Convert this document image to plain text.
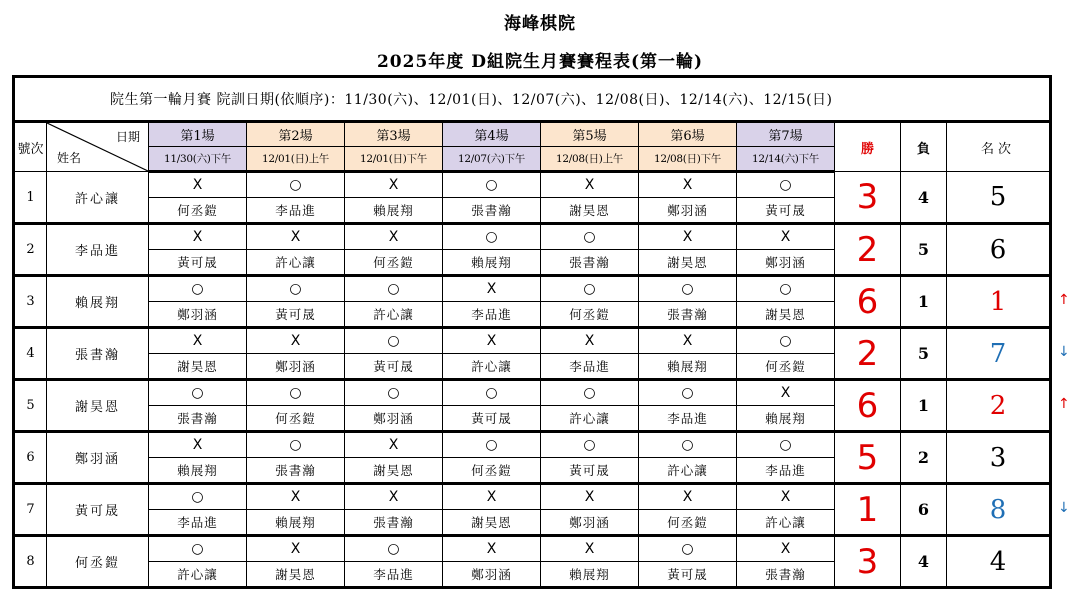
海峰棋院
2025年度 D組院生月賽賽程表(第一輪)
院生第一輪月賽 院訓日期(依順序)：11/30(六)、12/01(日)、12/07(六)、12/08(日)、12/14(六)、12/15(日)											
號次	日期
姓名	第1場	第2場	第3場	第4場	第5場	第6場	第7場	勝	負	名次
		11/30(六)下午	12/01(日)上午	12/01(日)下午	12/07(六)下午	12/08(日)上午	12/08(日)下午	12/14(六)下午			
1	許心讓	X	○	X	○	X	X	○	3	4	5
		何丞鎧	李品進	賴展翔	張書瀚	謝昊恩	鄭羽涵	黃可晟			
2	李品進	X	X	X	○	○	X	X	2	5	6
		黃可晟	許心讓	何丞鎧	賴展翔	張書瀚	謝昊恩	鄭羽涵			
3	賴展翔	○	○	○	X	○	○	○	6	1	1
		鄭羽涵	黃可晟	許心讓	李品進	何丞鎧	張書瀚	謝昊恩			
4	張書瀚	X	X	○	X	X	X	○	2	5	7
		謝昊恩	鄭羽涵	黃可晟	許心讓	李品進	賴展翔	何丞鎧			
5	謝昊恩	○	○	○	○	○	○	X	6	1	2
		張書瀚	何丞鎧	鄭羽涵	黃可晟	許心讓	李品進	賴展翔			
6	鄭羽涵	X	○	X	○	○	○	○	5	2	3
		賴展翔	張書瀚	謝昊恩	何丞鎧	黃可晟	許心讓	李品進			
7	黃可晟	○	X	X	X	X	X	X	1	6	8
		李品進	賴展翔	張書瀚	謝昊恩	鄭羽涵	何丞鎧	許心讓			
8	何丞鎧	○	X	○	X	X	○	X	3	4	4
		許心讓	謝昊恩	李品進	鄭羽涵	賴展翔	黃可晟	張書瀚			
↑
↓
↑
↓
